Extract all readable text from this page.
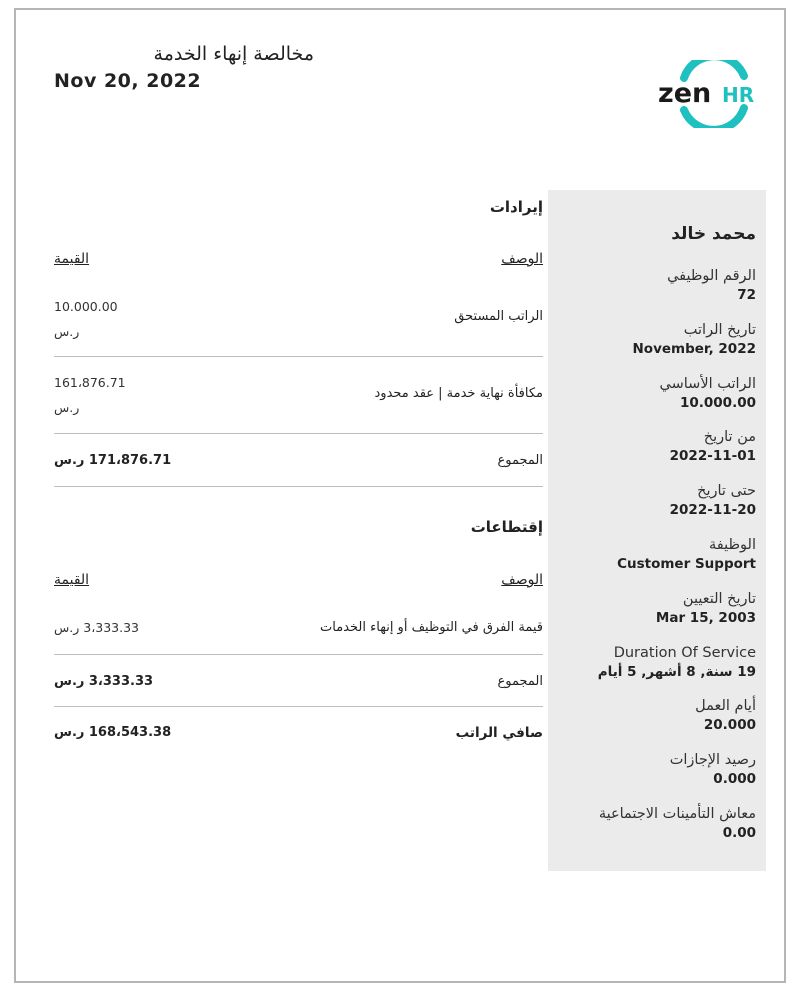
مخالصة إنهاء الخدمة
Nov 20, 2022	zen HR
محمد خالد
الرقم الوظيفي
72
تاريخ الراتب
November, 2022
الراتب الأساسي
10.000.00
من تاريخ
2022-11-01
حتى تاريخ
2022-11-20
الوظيفة
Customer Support
تاريخ التعيين
Mar 15, 2003
Duration Of Service
19 سنة, 8 أشهر, 5 أيام
أيام العمل
20.000
رصيد الإجازات
0.000
معاش التأمينات الاجتماعية
0.00
إيرادات
الوصف
القيمة
الراتب المستحق
10.000.00
ر.س
مكافأة نهاية خدمة | عقد محدود
161،876.71
ر.س
المجموع
171،876.71 ر.س
إقتطاعات
الوصف
القيمة
قيمة الفرق في التوظيف أو إنهاء الخدمات
3،333.33 ر.س
المجموع
3،333.33 ر.س
صافي الراتب
168،543.38 ر.س
